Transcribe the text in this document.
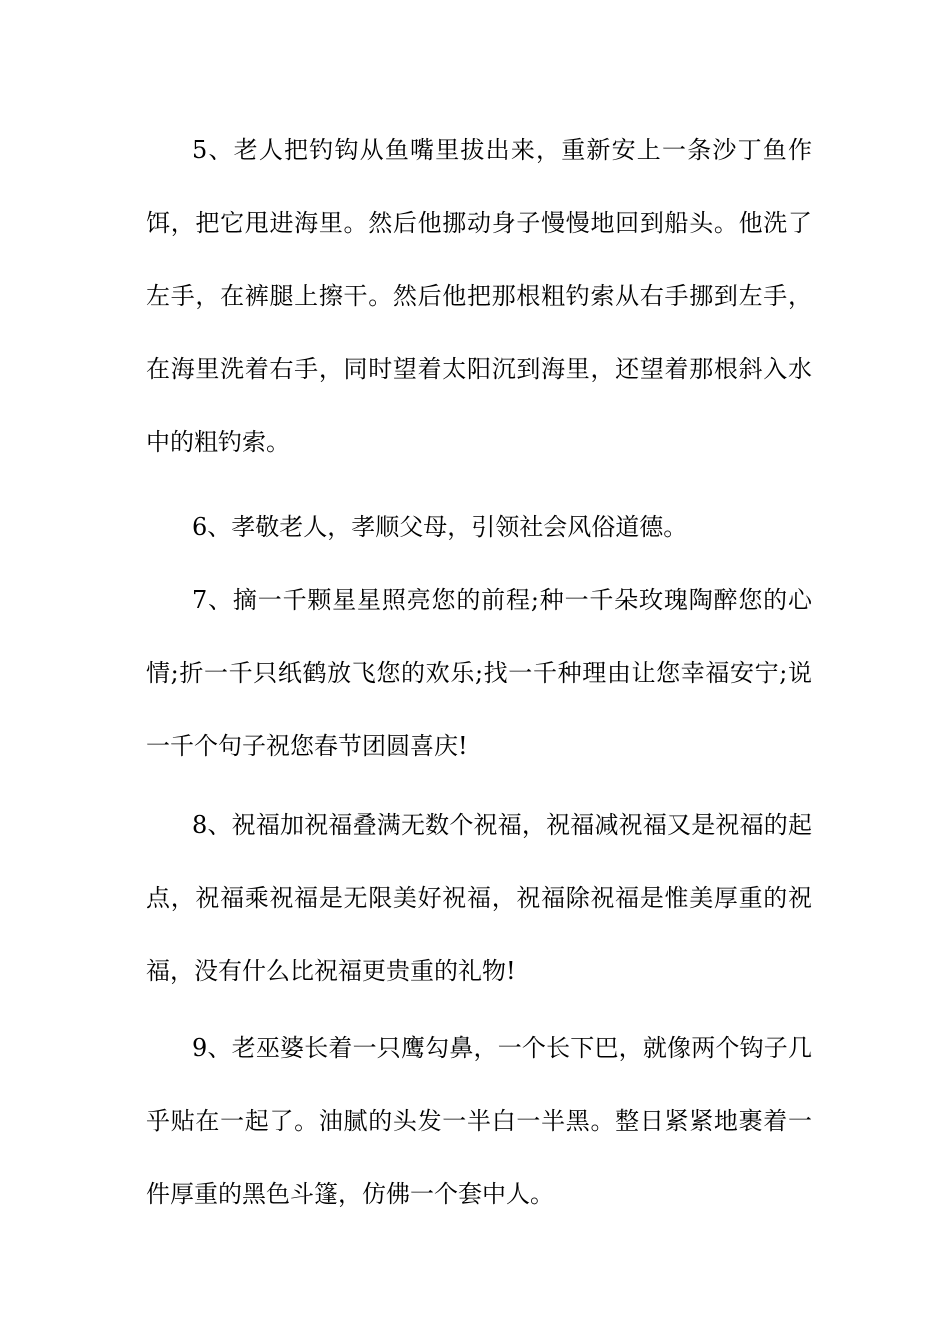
5、老人把钓钩从鱼嘴里拔出来，重新安上一条沙丁鱼作饵，把它甩进海里。然后他挪动身子慢慢地回到船头。他洗了左手，在裤腿上擦干。然后他把那根粗钓索从右手挪到左手，在海里洗着右手，同时望着太阳沉到海里，还望着那根斜入水中的粗钓索。

6、孝敬老人，孝顺父母，引领社会风俗道德。

7、摘一千颗星星照亮您的前程;种一千朵玫瑰陶醉您的心情;折一千只纸鹤放飞您的欢乐;找一千种理由让您幸福安宁;说一千个句子祝您春节团圆喜庆!

8、祝福加祝福叠满无数个祝福，祝福减祝福又是祝福的起点，祝福乘祝福是无限美好祝福，祝福除祝福是惟美厚重的祝福，没有什么比祝福更贵重的礼物!

9、老巫婆长着一只鹰勾鼻，一个长下巴，就像两个钩子几乎贴在一起了。油腻的头发一半白一半黑。整日紧紧地裹着一件厚重的黑色斗篷，仿佛一个套中人。
